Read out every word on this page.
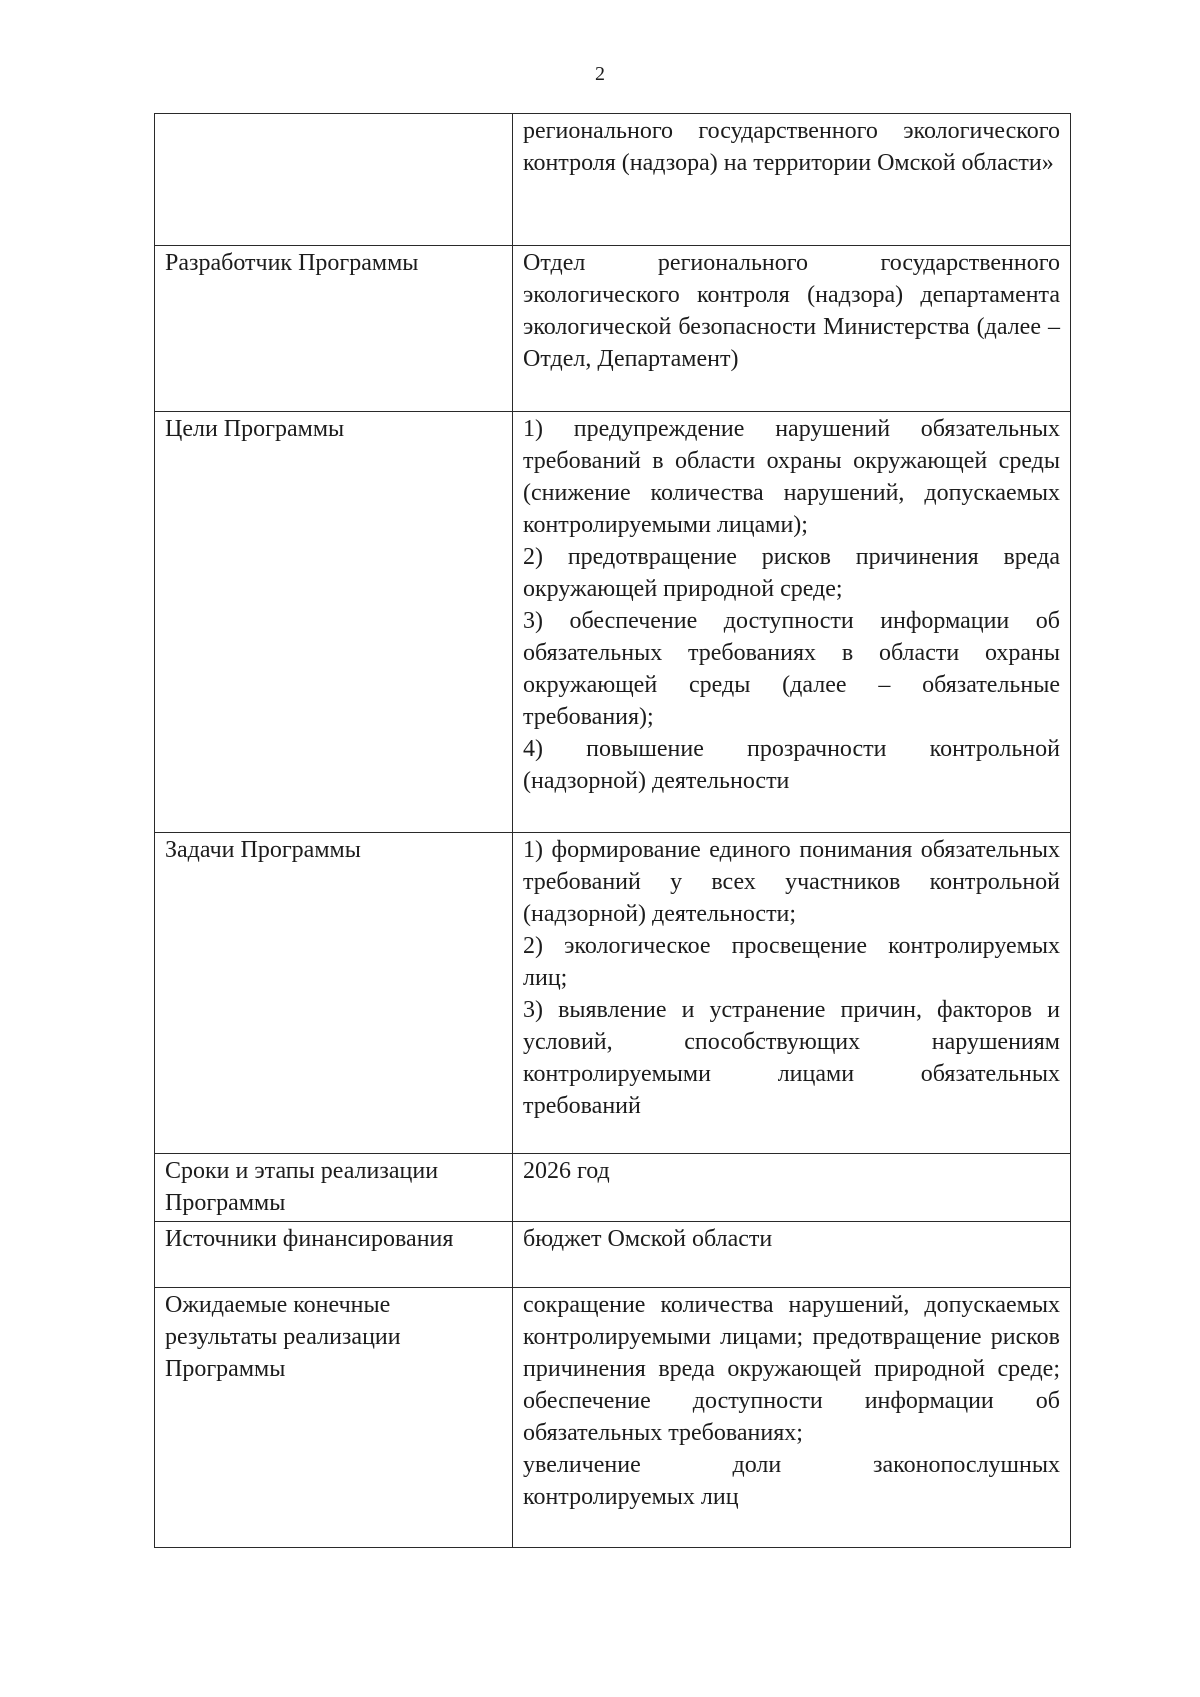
2

	регионального государственного экологического контроля (надзора) на территории Омской области»

Разработчик Программы	Отдел регионального государственного экологического контроля (надзора) департамента экологической безопасности Министерства (далее – Отдел, Департамент)

Цели Программы	1) предупреждение нарушений обязательных требований в области охраны окружающей среды (снижение количества нарушений, допускаемых контролируемыми лицами);
2) предотвращение рисков причинения вреда окружающей природной среде;
3) обеспечение доступности информации об обязательных требованиях в области охраны окружающей среды (далее – обязательные требования);
4) повышение прозрачности контрольной (надзорной) деятельности

Задачи Программы	1) формирование единого понимания обязательных требований у всех участников контрольной (надзорной) деятельности;
2) экологическое просвещение контролируемых лиц;
3) выявление и устранение причин, факторов и условий, способствующих нарушениям контролируемыми лицами обязательных требований

Сроки и этапы реализации Программы	2026 год

Источники финансирования	бюджет Омской области

Ожидаемые конечные результаты реализации Программы	сокращение количества нарушений, допускаемых контролируемыми лицами; предотвращение рисков причинения вреда окружающей природной среде; обеспечение доступности информации об обязательных требованиях;
увеличение доли законопослушных контролируемых лиц
